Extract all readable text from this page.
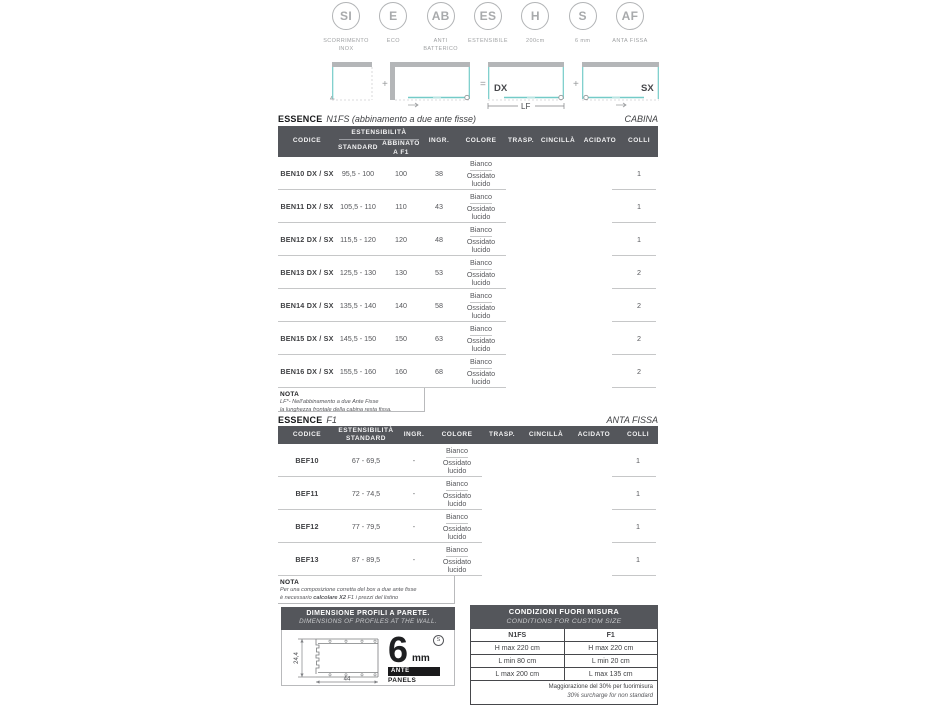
SI
SCORRIMENTO
INOX
E
ECO
AB
ANTI
BATTERICO
ES
ESTENSIBILE
H
200cm
S
6 mm
AF
ANTA FISSA
+	= DX
LF
+	SX
ESSENCE N1FS (abbinamento a due ante fisse)	CABINA
CODICE
ESTENSIBILITÀ
STANDARD
ABBINATO A F1
INGR.	COLORE	TRASP.	CINCILLÀ	ACIDATO	COLLI
BEN10 DX / SX	95,5 - 100	100	38
Bianco
Ossidato lucido
1
BEN11 DX / SX 105,5 - 110	110	43
Bianco
Ossidato lucido
1
BEN12 DX / SX 115,5 - 120	120	48
Bianco
Ossidato lucido
1
BEN13 DX / SX 125,5 - 130	130	53
Bianco
Ossidato lucido
2
BEN14 DX / SX 135,5 - 140	140	58
Bianco
Ossidato lucido
2
BEN15 DX / SX 145,5 - 150	150	63
Bianco
Ossidato lucido
2
BEN16 DX / SX 155,5 - 160	160	68
Bianco
Ossidato lucido
2
NOTA
LF*- Nell'abbinamento a due Ante Fisse
la lunghezza frontale della cabina resta fissa.
ESSENCE F1	ANTA FISSA
CODICE
ESTENSIBILITÀ STANDARD
INGR.	COLORE	TRASP.	CINCILLÀ	ACIDATO	COLLI
BEF10	67 - 69,5	-
Bianco
Ossidato lucido
1
BEF11	72 - 74,5	-
Bianco
Ossidato lucido
1
BEF12	77 - 79,5	-
Bianco
Ossidato lucido
1
BEF13	87 - 89,5	-
Bianco
Ossidato lucido
1
NOTA
Per una composizione corretta del box a due ante fisse
è necessario calcolare X2 F1 i prezzi del listino
DIMENSIONE PROFILI A PARETE.
DIMENSIONS OF PROFILES AT THE WALL.
24,4
44
6 mm
S
ANTE
PANELS
CONDIZIONI FUORI MISURA
CONDITIONS FOR CUSTOM SIZE
N1FS	F1
H max 220 cm	H max 220 cm
L min 80 cm	L min 20 cm
L max 200 cm	L max 135 cm
Maggiorazione del 30% per fuorimisura
30% surcharge for non standard
